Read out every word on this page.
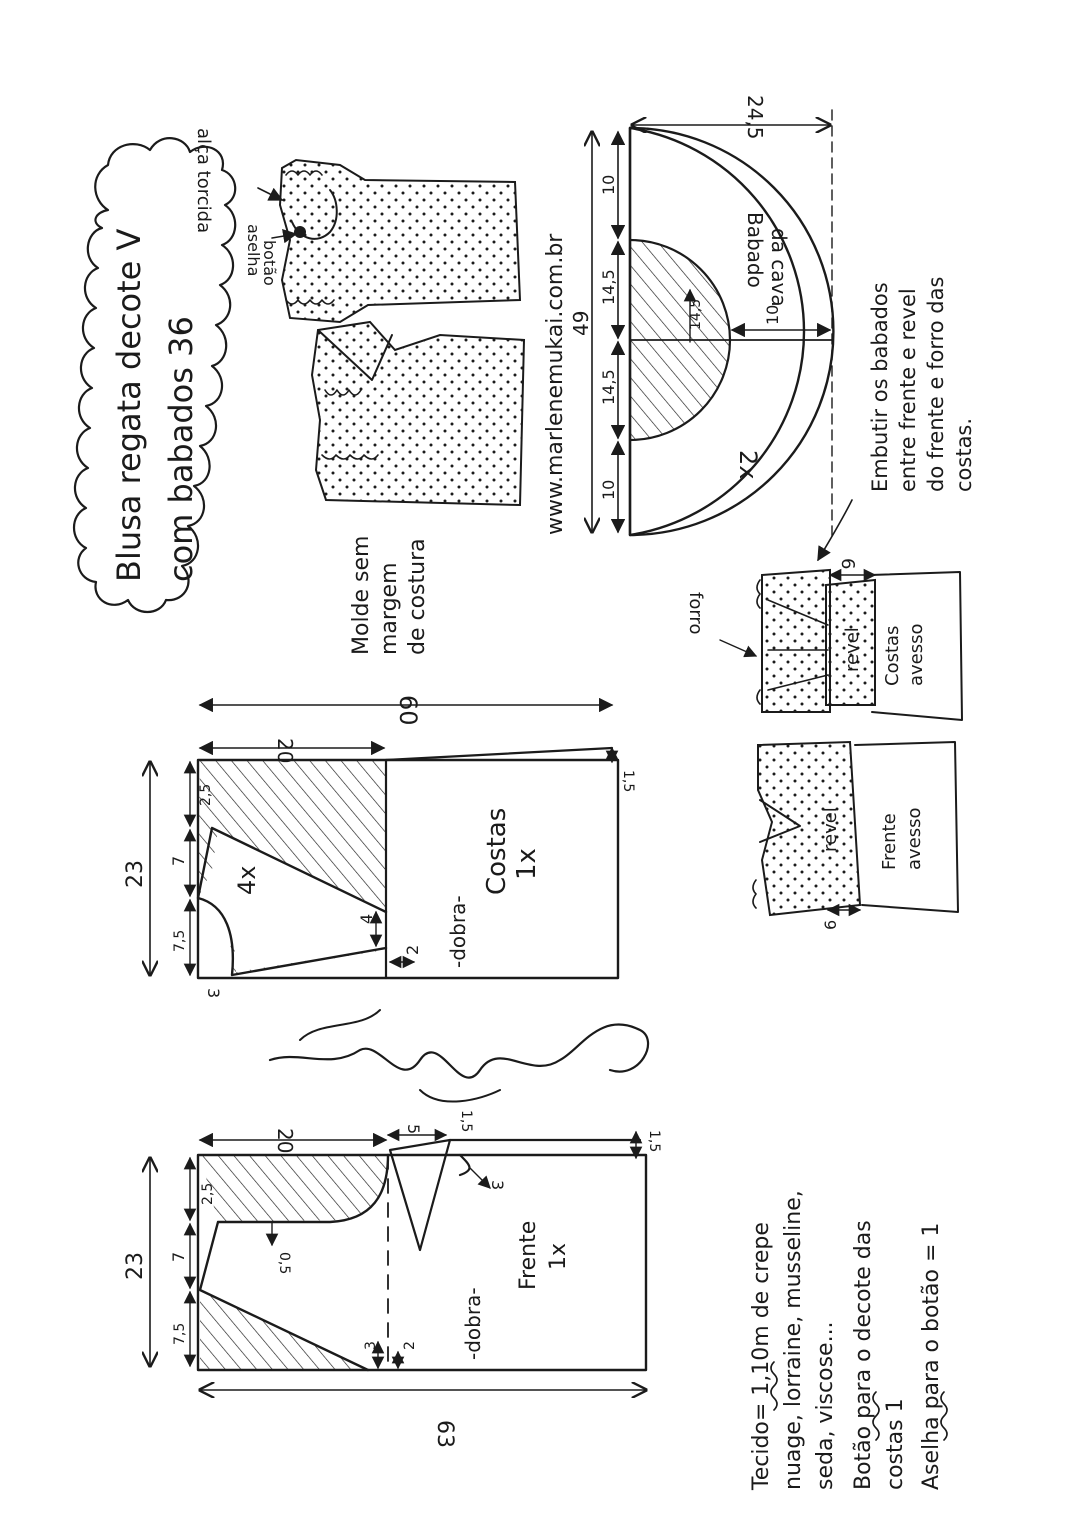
Blusa regata decote V com babados 36
alça torcida
aselha
botão
Molde sem margem de costura
www.marlenemukai.com.br 49
10
14,5
14,5
10
14,5	10
24,5
Babado da cava
2x	Embutir os babados entre frente e revel do frente e forro das costas.
forro
revel
6
Costas avesso
revel
6
Frente avesso
60
20
1,5
23
2,5
7
7,5
3
4
2
4x	Costas 1x
-dobra-
20	5	1,5
1,5
3
23
2,5
7
7,5
3 2
0,5
63
Frente 1x
-dobra-	Tecido= 1,10m de crepe nuage, lorraine, musseline, seda, viscose... Botão para o decote das costas 1 Aselha para o botão = 1
